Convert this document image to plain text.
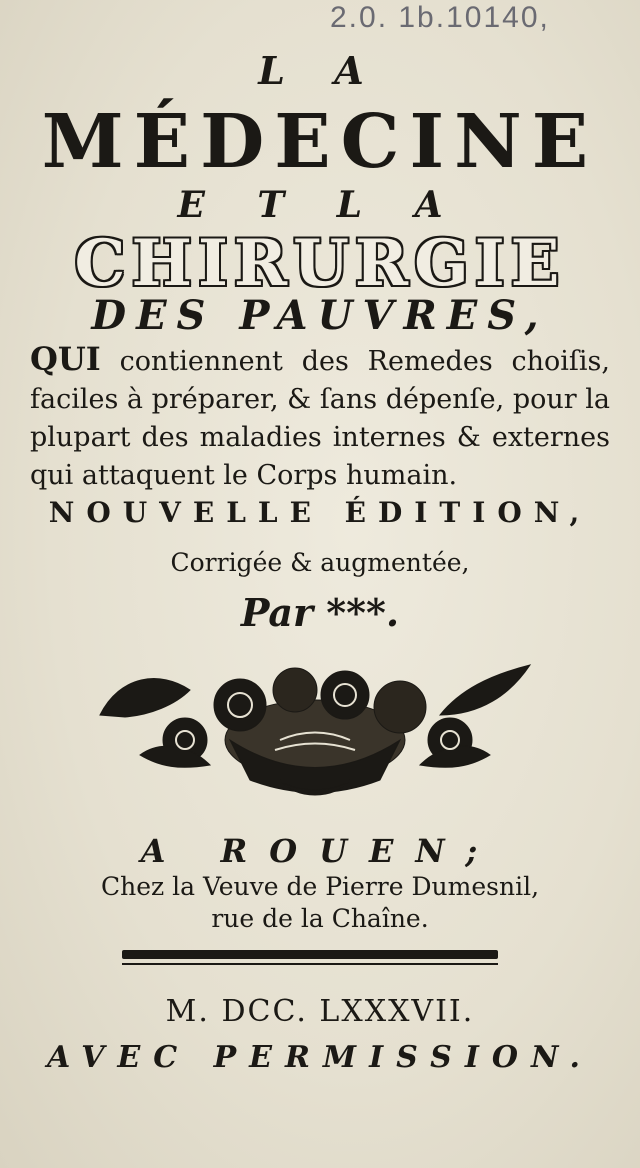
2.0. 1b.10140,
L A
MÉDECINE
E T L A
CHIRURGIE
DES PAUVRES,
QUI contiennent des Remedes choiſis, faciles à préparer, & ſans dépenſe, pour la plupart des maladies internes & externes qui attaquent le Corps humain.
NOUVELLE ÉDITION,
Corrigée & augmentée,
Par ***.
A ROUEN;
Chez la Veuve de Pierre Dumesnil,
rue de la Chaîne.
M. DCC. LXXXVII.
AVEC PERMISSION.
